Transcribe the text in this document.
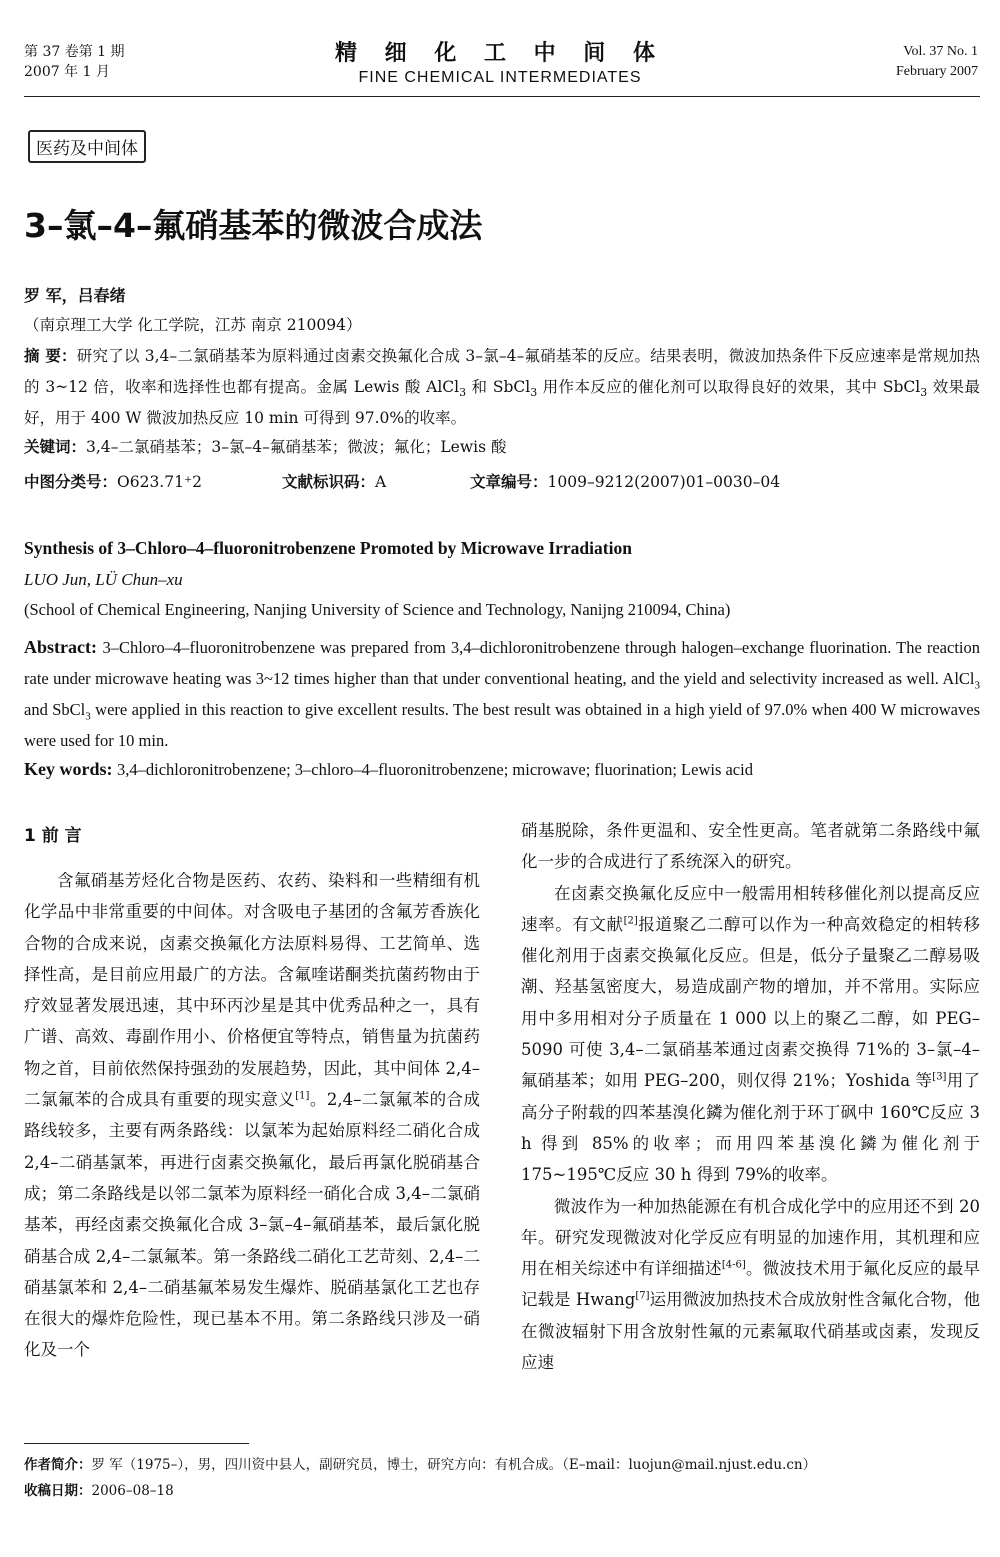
第 37 卷第 1 期
2007 年 1 月
精 细 化 工 中 间 体
FINE CHEMICAL INTERMEDIATES
Vol. 37 No. 1
February 2007
医药及中间体
3–氯–4–氟硝基苯的微波合成法
罗 军，吕春绪
（南京理工大学 化工学院，江苏 南京 210094）
摘 要：研究了以 3,4–二氯硝基苯为原料通过卤素交换氟化合成 3–氯–4–氟硝基苯的反应。结果表明，微波加热条件下反应速率是常规加热的 3~12 倍，收率和选择性也都有提高。金属 Lewis 酸 AlCl$_3$ 和 SbCl$_3$ 用作本反应的催化剂可以取得良好的效果，其中 SbCl$_3$ 效果最好，用于 400 W 微波加热反应 10 min 可得到 97.0%的收率。
关键词：3,4–二氯硝基苯；3–氯–4–氟硝基苯；微波；氟化；Lewis 酸
中图分类号：O623.71⁺2	文献标识码：A	文章编号：1009–9212(2007)01–0030–04
Synthesis of 3–Chloro–4–fluoronitrobenzene Promoted by Microwave Irradiation
LUO Jun, LÜ Chun–xu
(School of Chemical Engineering, Nanjing University of Science and Technology, Nanijng 210094, China)
Abstract: 3–Chloro–4–fluoronitrobenzene was prepared from 3,4–dichloronitrobenzene through halogen–exchange fluorination. The reaction rate under microwave heating was 3~12 times higher than that under conventional heating, and the yield and selectivity increased as well. AlCl$_3$ and SbCl$_3$ were applied in this reaction to give excellent results. The best result was obtained in a high yield of 97.0% when 400 W microwaves were used for 10 min.
Key words: 3,4–dichloronitrobenzene; 3–chloro–4–fluoronitrobenzene; microwave; fluorination; Lewis acid
1 前 言

含氟硝基芳烃化合物是医药、农药、染料和一些精细有机化学品中非常重要的中间体。对含吸电子基团的含氟芳香族化合物的合成来说，卤素交换氟化方法原料易得、工艺简单、选择性高，是目前应用最广的方法。含氟喹诺酮类抗菌药物由于疗效显著发展迅速，其中环丙沙星是其中优秀品种之一，具有广谱、高效、毒副作用小、价格便宜等特点，销售量为抗菌药物之首，目前依然保持强劲的发展趋势，因此，其中间体 2,4–二氯氟苯的合成具有重要的现实意义[1]。2,4–二氯氟苯的合成路线较多，主要有两条路线：以氯苯为起始原料经二硝化合成 2,4–二硝基氯苯，再进行卤素交换氟化，最后再氯化脱硝基合成；第二条路线是以邻二氯苯为原料经一硝化合成 3,4–二氯硝基苯，再经卤素交换氟化合成 3–氯–4–氟硝基苯，最后氯化脱硝基合成 2,4–二氯氟苯。第一条路线二硝化工艺苛刻、2,4–二硝基氯苯和 2,4–二硝基氟苯易发生爆炸、脱硝基氯化工艺也存在很大的爆炸危险性，现已基本不用。第二条路线只涉及一硝化及一个

硝基脱除，条件更温和、安全性更高。笔者就第二条路线中氟化一步的合成进行了系统深入的研究。

在卤素交换氟化反应中一般需用相转移催化剂以提高反应速率。有文献[2]报道聚乙二醇可以作为一种高效稳定的相转移催化剂用于卤素交换氟化反应。但是，低分子量聚乙二醇易吸潮、羟基氢密度大，易造成副产物的增加，并不常用。实际应用中多用相对分子质量在 1 000 以上的聚乙二醇，如 PEG–5090 可使 3,4–二氯硝基苯通过卤素交换得 71%的 3–氯–4–氟硝基苯；如用 PEG–200，则仅得 21%；Yoshida 等[3]用了高分子附载的四苯基溴化鏻为催化剂于环丁砜中 160℃反应 3 h 得到 85%的收率；而用四苯基溴化鏻为催化剂于 175~195℃反应 30 h 得到 79%的收率。

微波作为一种加热能源在有机合成化学中的应用还不到 20 年。研究发现微波对化学反应有明显的加速作用，其机理和应用在相关综述中有详细描述[4-6]。微波技术用于氟化反应的最早记载是 Hwang[7]运用微波加热技术合成放射性含氟化合物，他在微波辐射下用含放射性氟的元素氟取代硝基或卤素，发现反应速

作者简介：罗 军（1975–），男，四川资中县人，副研究员，博士，研究方向：有机合成。（E–mail：luojun@mail.njust.edu.cn）
收稿日期：2006–08–18
